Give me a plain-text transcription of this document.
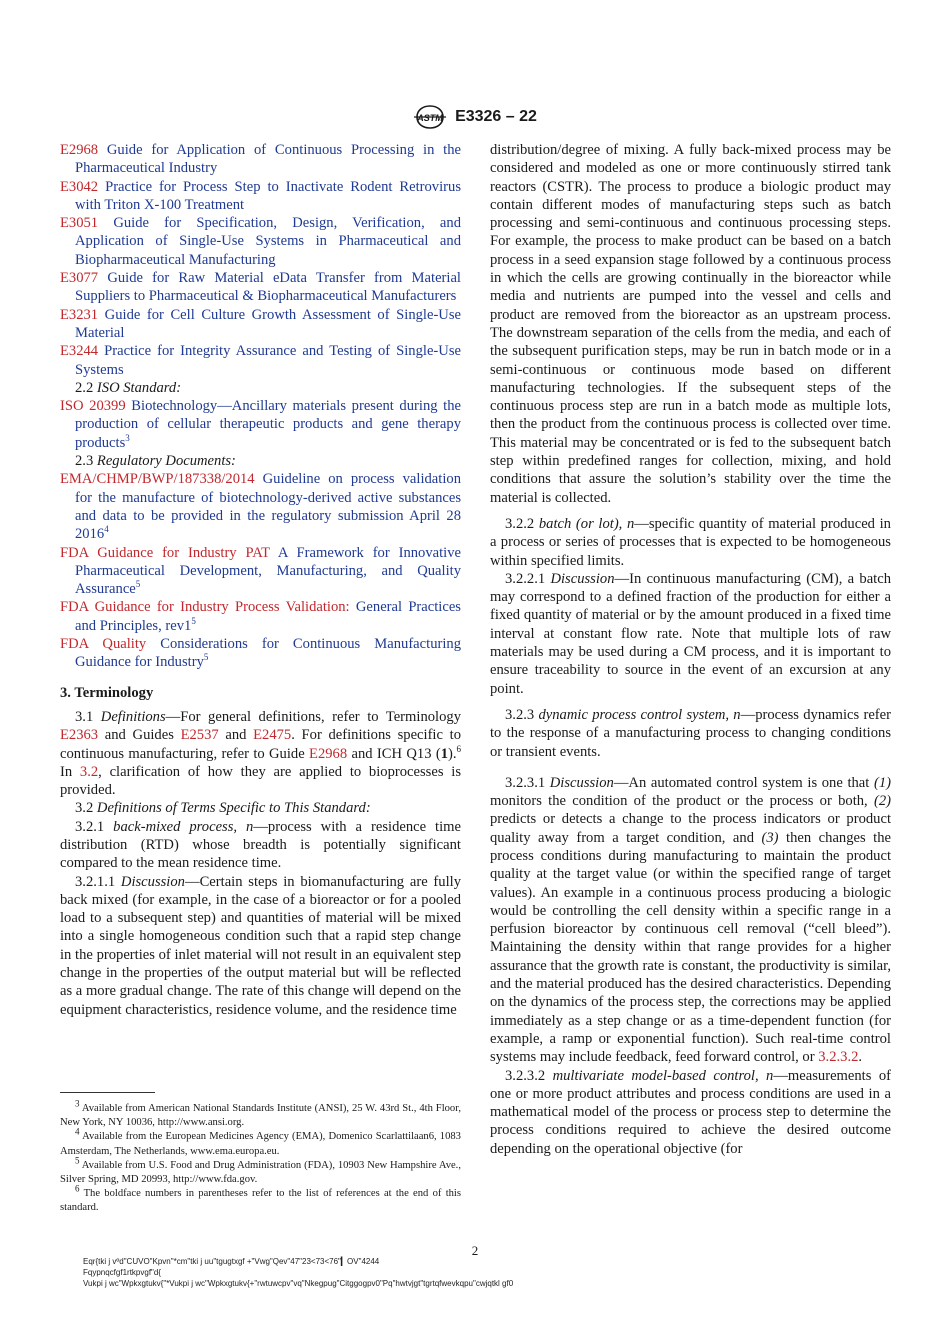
ASTM E3326 – 22

E2968 Guide for Application of Continuous Processing in the Pharmaceutical Industry

E3042 Practice for Process Step to Inactivate Rodent Retrovirus with Triton X-100 Treatment

E3051 Guide for Specification, Design, Verification, and Application of Single-Use Systems in Pharmaceutical and Biopharmaceutical Manufacturing

E3077 Guide for Raw Material eData Transfer from Material Suppliers to Pharmaceutical & Biopharmaceutical Manufacturers

E3231 Guide for Cell Culture Growth Assessment of Single-Use Material

E3244 Practice for Integrity Assurance and Testing of Single-Use Systems

2.2 ISO Standard:

ISO 20399 Biotechnology—Ancillary materials present during the production of cellular therapeutic products and gene therapy products$^3$

2.3 Regulatory Documents:

EMA/CHMP/BWP/187338/2014 Guideline on process validation for the manufacture of biotechnology-derived active substances and data to be provided in the regulatory submission April 28 2016$^4$

FDA Guidance for Industry PAT A Framework for Innovative Pharmaceutical Development, Manufacturing, and Quality Assurance$^5$

FDA Guidance for Industry Process Validation: General Practices and Principles, $rev1^5$

FDA Quality Considerations for Continuous Manufacturing Guidance for Industry$^5$

3. Terminology

3.1 Definitions—For general definitions, refer to Terminology E2363 and Guides E2537 and E2475. For definitions specific to continuous manufacturing, refer to Guide E2968 and ICH Q13 (1).$^6$ In 3.2, clarification of how they are applied to bioprocesses is provided.

3.2 Definitions of Terms Specific to This Standard:

3.2.1 back-mixed process, n—process with a residence time distribution (RTD) whose breadth is potentially significant compared to the mean residence time.

3.2.1.1 Discussion—Certain steps in biomanufacturing are fully back mixed (for example, in the case of a bioreactor or for a pooled load to a subsequent step) and quantities of material will be mixed into a single homogeneous condition such that a rapid step change in the properties of inlet material will not result in an equivalent step change in the properties of the output material but will be reflected as a more gradual change. The rate of this change will depend on the equipment characteristics, residence volume, and the residence time

$^3$ Available from American National Standards Institute (ANSI), 25 W. 43rd St., 4th Floor, New York, NY 10036, http://www.ansi.org.

$^4$ Available from the European Medicines Agency (EMA), Domenico Scarlattilaan6, 1083 Amsterdam, The Netherlands, www.ema.europa.eu.

$^5$ Available from U.S. Food and Drug Administration (FDA), 10903 New Hampshire Ave., Silver Spring, MD 20993, http://www.fda.gov.

$^6$ The boldface numbers in parentheses refer to the list of references at the end of this standard.

distribution/degree of mixing. A fully back-mixed process may be considered and modeled as one or more continuously stirred tank reactors (CSTR). The process to produce a biologic product may contain different modes of manufacturing steps such as batch processing and semi-continuous and continuous processing steps. For example, the process to make product can be based on a batch process in a seed expansion stage followed by a continuous process in which the cells are growing continually in the bioreactor while media and nutrients are pumped into the vessel and cells and product are removed from the bioreactor as an upstream process. The downstream separation of the cells from the media, and each of the subsequent purification steps, may be run in batch mode or in a semi-continuous or continuous mode based on different manufacturing technologies. If the subsequent steps of the continuous process step are run in a batch mode as multiple lots, then the product from the continuous process is collected over time. This material may be concentrated or is fed to the subsequent batch step within predefined ranges for collection, mixing, and hold conditions that assure the solution’s stability over the time the material is collected.

3.2.2 batch (or lot), n—specific quantity of material produced in a process or series of processes that is expected to be homogeneous within specified limits.

3.2.2.1 Discussion—In continuous manufacturing (CM), a batch may correspond to a defined fraction of the production for either a fixed quantity of material or by the amount produced in a fixed time interval at constant flow rate. Note that multiple lots of raw materials may be used during a CM process, and it is important to ensure traceability to source in the event of an excursion at any point.

3.2.3 dynamic process control system, n—process dynamics refer to the response of a manufacturing process to changing conditions or transient events.

3.2.3.1 Discussion—An automated control system is one that (1) monitors the condition of the product or the process or both, (2) predicts or detects a change to the process indicators or product quality away from a target condition, and (3) then changes the process conditions during manufacturing to maintain the product quality at the target value (or within the specified range of target values). An example in a continuous process producing a biologic would be controlling the cell density within a specific range in a perfusion bioreactor by continuous cell removal (“cell bleed”). Maintaining the density within that range provides for a higher assurance that the growth rate is constant, the productivity is similar, and the material produced has the desired characteristics. Depending on the dynamics of the process step, the corrections may be applied immediately as a step change or as a time-dependent function (for example, a ramp or exponential function). Such real-time control systems may include feedback, feed forward control, or 3.2.3.2.

3.2.3.2 multivariate model-based control, n—measurements of one or more product attributes and process conditions are used in a mathematical model of the process or process step to determine the process conditions required to achieve the desired outcome depending on the operational objective (for

2
Eqr{tki j vºd"CUVO"Kpvn"*cm"tki j uu"tgugtxgf +"Vwg"Qev"47"23<73<76"▎OV"4244
Fqypnqcfgf1rtkpvgf"d{
Vukpi j wc"Wpkxgtukv{"*Vukpi j wc"Wpkxgtukv{+"rwtuwcpv"vq"Nkegpug"Citggogpv0"Pq"hwtvjgt"tgrtqfwevkqpu"cwjqtkl gf0
